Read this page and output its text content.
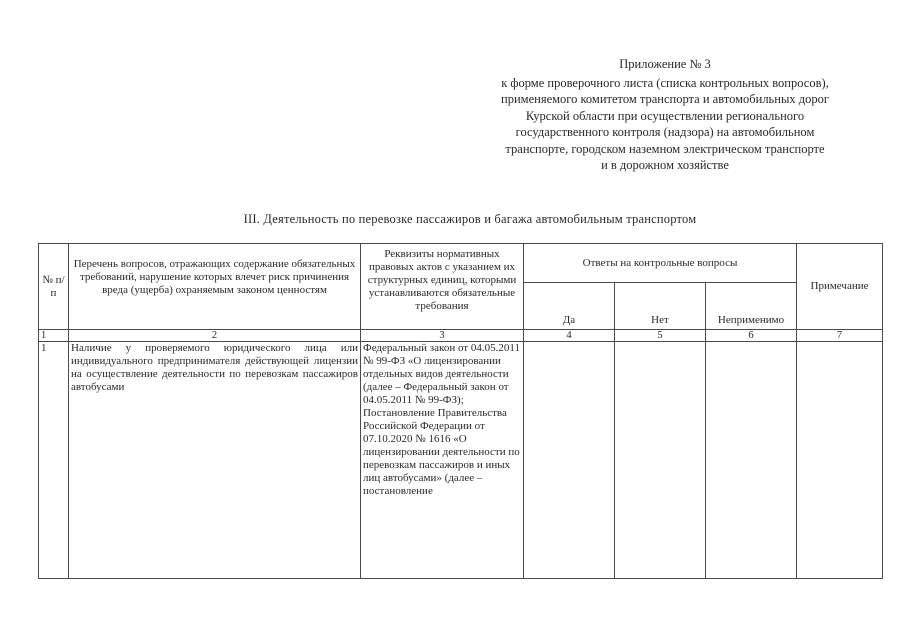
Приложение № 3
к форме проверочного листа (списка контрольных вопросов),
применяемого комитетом транспорта и автомобильных дорог
Курской области при осуществлении регионального
государственного контроля (надзора) на автомобильном
транспорте, городском наземном электрическом транспорте
и в дорожном хозяйстве
III. Деятельность по перевозке пассажиров и багажа автомобильным транспортом
№ п/п	Перечень вопросов, отражающих содержание обязательных требований, нарушение которых влечет риск причинения вреда (ущерба) охраняемым законом ценностям	Реквизиты нормативных правовых актов с указанием их структурных единиц, которыми устанавливаются обязательные требования	Ответы на контрольные вопросы			Примечание
			Да	Нет	Неприменимо	
1	2	3	4	5	6	7
1	Наличие у проверяемого юридического лица или индивидуального предпринимателя действующей лицензии на осуществление деятельности по перевозкам пассажиров автобусами	Федеральный закон от 04.05.2011 № 99-ФЗ «О лицензировании отдельных видов деятельности (далее – Федеральный закон от 04.05.2011 № 99-ФЗ); Постановление Правительства Российской Федерации от 07.10.2020 № 1616 «О лицензировании деятельности по перевозкам пассажиров и иных лиц автобусами» (далее – постановление				
